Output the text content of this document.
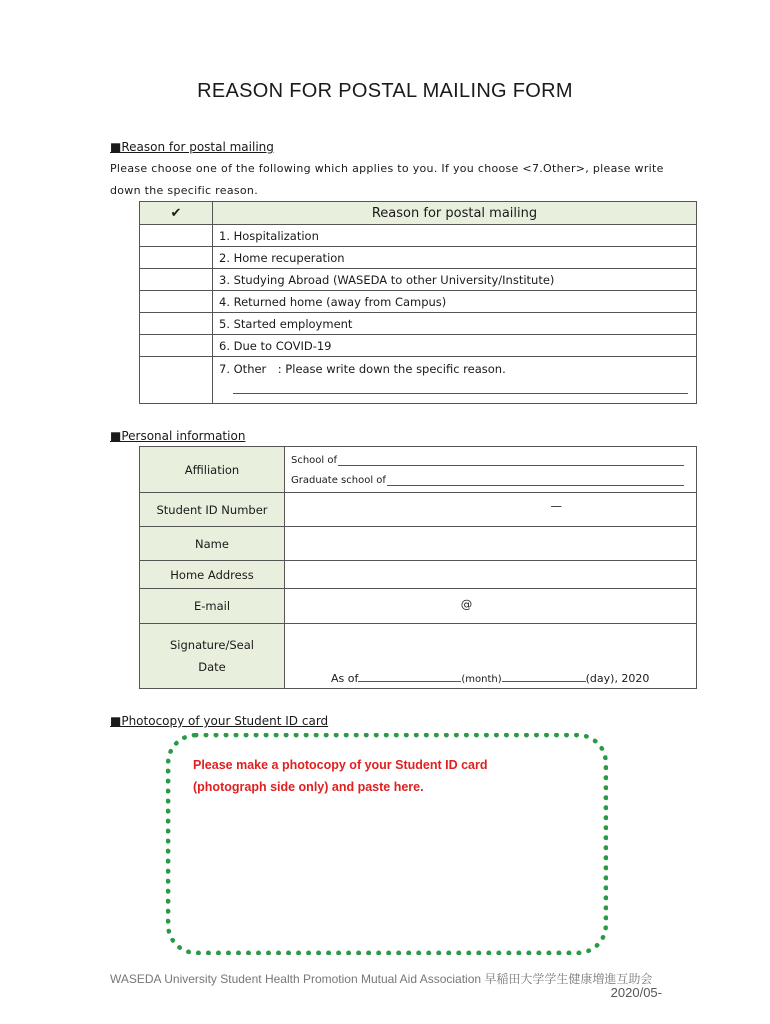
REASON FOR POSTAL MAILING FORM
■Reason for postal mailing
Please choose one of the following which applies to you. If you choose <7.Other>, please write
down the specific reason.
✔	Reason for postal mailing
	1. Hospitalization
	2. Home recuperation
	3. Studying Abroad (WASEDA to other University/Institute)
	4. Returned home (away from Campus)
	5. Started employment
	6. Due to COVID-19
	7. Other　: Please write down the specific reason.
■Personal information
Affiliation	School of
Graduate school of

Student ID Number	—
Name	
Home Address	
E-mail	@

Signature/Seal
Date	As of (month) (day), 2020
■Photocopy of your Student ID card
Please make a photocopy of your Student ID card
(photograph side only) and paste here.
WASEDA University Student Health Promotion Mutual Aid Association 早稲田大学学生健康増進互助会
2020/05-
